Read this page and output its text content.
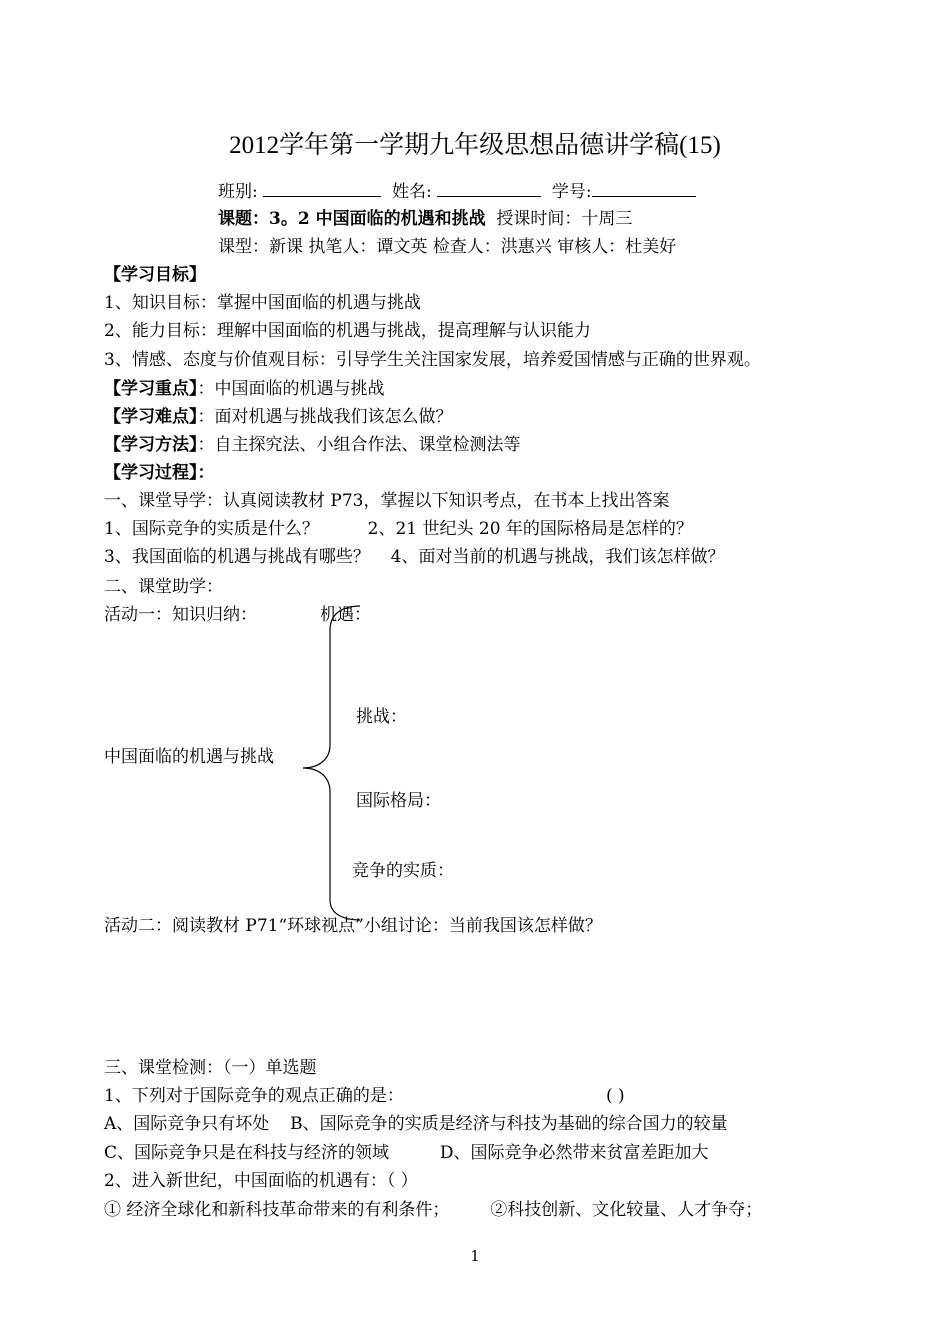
2012学年第一学期九年级思想品德讲学稿(15)
班别:	姓名:	学号:
课题：3。2 中国面临的机遇和挑战 授课时间：十周三
课型：新课 执笔人：谭文英 检查人：洪惠兴 审核人：杜美好
【学习目标】
1、知识目标：掌握中国面临的机遇与挑战
2、能力目标：理解中国面临的机遇与挑战，提高理解与认识能力
3、情感、态度与价值观目标：引导学生关注国家发展，培养爱国情感与正确的世界观。
【学习重点】：中国面临的机遇与挑战
【学习难点】：面对机遇与挑战我们该怎么做？
【学习方法】：自主探究法、小组合作法、课堂检测法等
【学习过程】：
一、课堂导学：认真阅读教材 P73，掌握以下知识考点，在书本上找出答案
1、国际竞争的实质是什么？	2、21 世纪头 20 年的国际格局是怎样的？
3、我国面临的机遇与挑战有哪些？ 4、面对当前的机遇与挑战，我们该怎样做？
二、课堂助学：
活动一：知识归纳：	机遇：
挑战：
中国面临的机遇与挑战
国际格局：
竞争的实质：
活动二：阅读教材 P71“环球视点”小组讨论：当前我国该怎样做？
三、课堂检测：（一）单选题
1、下列对于国际竞争的观点正确的是：	( )
A、国际竞争只有坏处 B、国际竞争的实质是经济与科技为基础的综合国力的较量
C、国际竞争只是在科技与经济的领域	D、国际竞争必然带来贫富差距加大
2、进入新世纪，中国面临的机遇有：（ ）
① 经济全球化和新科技革命带来的有利条件； ②科技创新、文化较量、人才争夺；
1
